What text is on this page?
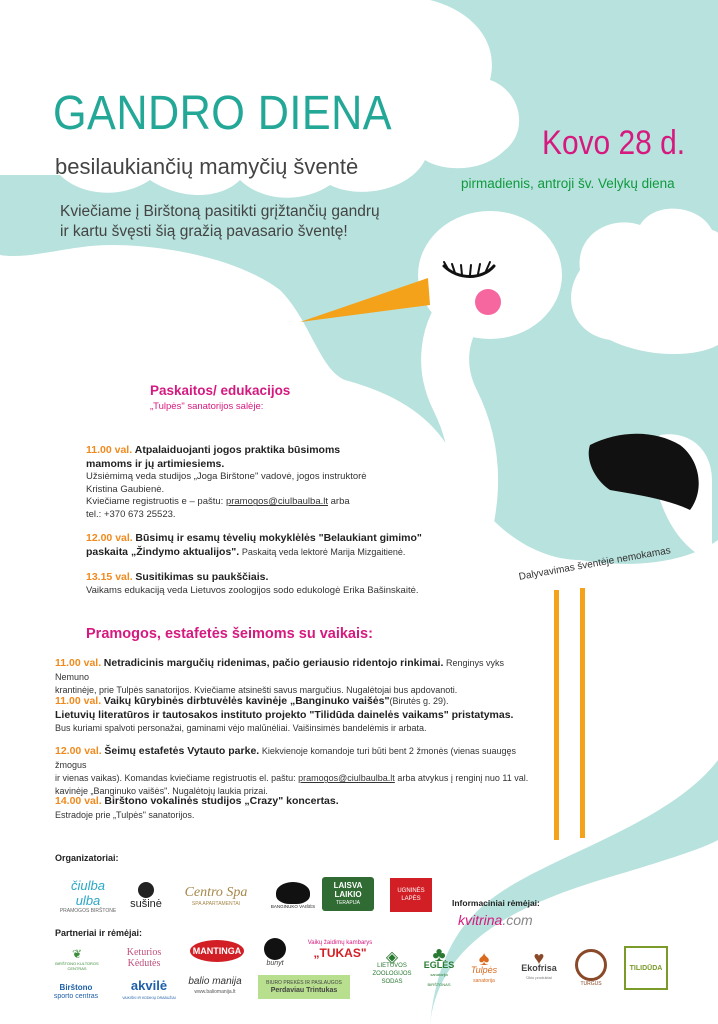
GANDRO DIENA
besilaukiančių mamyčių šventė
Kviečiame į Birštoną pasitikti grįžtančių gandrų
ir kartu švęsti šią gražią pavasario šventę!
Kovo 28 d.
pirmadienis, antroji šv. Velykų diena
Paskaitos/ edukacijos
„Tulpės" sanatorijos salėje:
11.00 val. Atpalaiduojanti jogos praktika būsimoms
mamoms ir jų artimiesiems.
Užsiėmimą veda studijos „Joga Birštone" vadovė, jogos instruktorė
Kristina Gaubienė.
Kviečiame registruotis e – paštu: pramogos@ciulbaulba.lt arba
tel.: +370 673 25523.
12.00 val. Būsimų ir esamų tėvelių mokyklėlės "Belaukiant gimimo"
paskaita „Žindymo aktualijos". Paskaitą veda lektorė Marija Mizgaitienė.
13.15 val. Susitikimas su paukščiais.
Vaikams edukaciją veda Lietuvos zoologijos sodo edukologė Erika Bašinskaitė.
Pramogos, estafetės šeimoms su vaikais:
11.00 val. Netradicinis margučių ridenimas, pačio geriausio ridentojo rinkimai. Renginys vyks Nemuno
krantinėje, prie Tulpės sanatorijos. Kviečiame atsinešti savus margučius. Nugalėtojai bus apdovanoti.
11.00 val. Vaikų kūrybinės dirbtuvėlės kavinėje „Banginuko vaišės"(Birutės g. 29).
Lietuvių literatūros ir tautosakos instituto projekto "Tilidūda dainelės vaikams" pristatymas.
Bus kuriami spalvoti personažai, gaminami vėjo malūnėliai. Vaišinsimės bandelėmis ir arbata.
12.00 val. Šeimų estafetės Vytauto parke. Kiekvienoje komandoje turi būti bent 2 žmonės (vienas suaugęs žmogus
ir vienas vaikas). Komandas kviečiame registruotis el. paštu: pramogos@ciulbaulba.lt arba atvykus į renginį nuo 11 val.
kavinėje „Banginuko vaišės". Nugalėtojų laukia prizai.
14.00 val. Birštono vokalinės studijos „Crazy" koncertas.
Estradoje prie „Tulpės" sanatorijos.
Dalyvavimas šventėje nemokamas
Organizatoriai:
čiulba ulba
PRAMOGOS BIRŠTONE
sušinė
Centro Spa
SPA APARTAMENTAI	BANGINUKO VAIŠĖS
LAISVA
LAIKIO
TERAPIJA
UGNINĖS
LAPĖS	Informaciniai rėmėjai:
kvitrina.com
Partneriai ir rėmėjai:
❦
BIRŠTONO KULTŪROS CENTRAS
Keturios Kėdutės
MANTINGA
bunyt
Vaikų žaidimų kambarys
„TUKAS" ◈
LIETUVOS
ZOOLOGIJOS
SODAS
♣
EGLĖS
sanatorija BIRŠTONAS
♠
Tulpės
sanatorija
♥
Ekofrisa
Ūkio produktai
TURGUS
TILIDŪDA
Birštono
sporto centras
akvilė
VAIKIŠKI IR KŪDIKIŲ DRABUŽIAI
balio manija
www.baliomanija.lt
BIURO PREKĖS IR PASLAUGOS
Perdaviau Trintukas
